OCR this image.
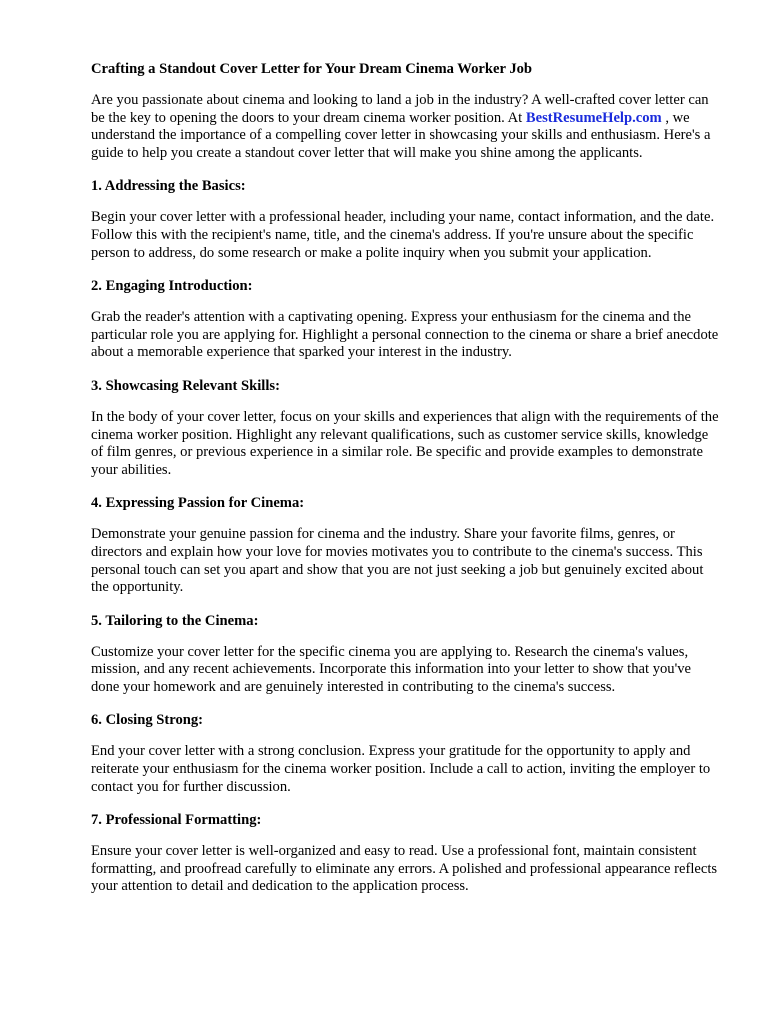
Crafting a Standout Cover Letter for Your Dream Cinema Worker Job
Are you passionate about cinema and looking to land a job in the industry? A well-crafted cover letter can be the key to opening the doors to your dream cinema worker position. At BestResumeHelp.com , we understand the importance of a compelling cover letter in showcasing your skills and enthusiasm. Here's a guide to help you create a standout cover letter that will make you shine among the applicants.
1. Addressing the Basics:
Begin your cover letter with a professional header, including your name, contact information, and the date. Follow this with the recipient's name, title, and the cinema's address. If you're unsure about the specific person to address, do some research or make a polite inquiry when you submit your application.
2. Engaging Introduction:
Grab the reader's attention with a captivating opening. Express your enthusiasm for the cinema and the particular role you are applying for. Highlight a personal connection to the cinema or share a brief anecdote about a memorable experience that sparked your interest in the industry.
3. Showcasing Relevant Skills:
In the body of your cover letter, focus on your skills and experiences that align with the requirements of the cinema worker position. Highlight any relevant qualifications, such as customer service skills, knowledge of film genres, or previous experience in a similar role. Be specific and provide examples to demonstrate your abilities.
4. Expressing Passion for Cinema:
Demonstrate your genuine passion for cinema and the industry. Share your favorite films, genres, or directors and explain how your love for movies motivates you to contribute to the cinema's success. This personal touch can set you apart and show that you are not just seeking a job but genuinely excited about the opportunity.
5. Tailoring to the Cinema:
Customize your cover letter for the specific cinema you are applying to. Research the cinema's values, mission, and any recent achievements. Incorporate this information into your letter to show that you've done your homework and are genuinely interested in contributing to the cinema's success.
6. Closing Strong:
End your cover letter with a strong conclusion. Express your gratitude for the opportunity to apply and reiterate your enthusiasm for the cinema worker position. Include a call to action, inviting the employer to contact you for further discussion.
7. Professional Formatting:
Ensure your cover letter is well-organized and easy to read. Use a professional font, maintain consistent formatting, and proofread carefully to eliminate any errors. A polished and professional appearance reflects your attention to detail and dedication to the application process.
